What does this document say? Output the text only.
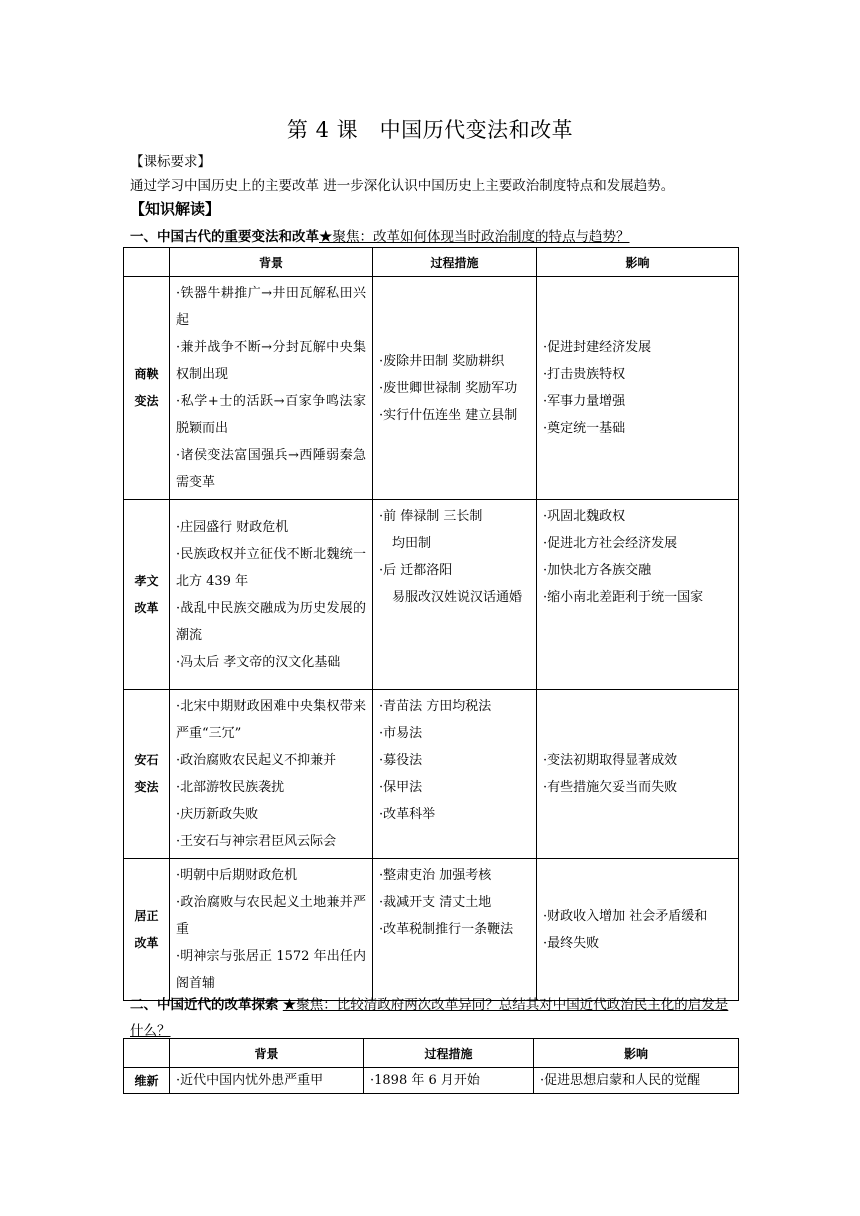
第 4 课　中国历代变法和改革
【课标要求】
通过学习中国历史上的主要改革 进一步深化认识中国历史上主要政治制度特点和发展趋势。
【知识解读】
一、中国古代的重要变法和改革★聚焦：改革如何体现当时政治制度的特点与趋势？
	背景	过程措施	影响

商鞅
变法	·铁器牛耕推广→井田瓦解私田兴起
·兼并战争不断→分封瓦解中央集权制出现
·私学+士的活跃→百家争鸣法家脱颖而出
·诸侯变法富国强兵→西陲弱秦急需变革	·废除井田制 奖励耕织
·废世卿世禄制 奖励军功
·实行什伍连坐 建立县制	·促进封建经济发展
·打击贵族特权
·军事力量增强
·奠定统一基础

孝文
改革	·庄园盛行 财政危机
·民族政权并立征伐不断北魏统一北方 439 年
·战乱中民族交融成为历史发展的潮流
·冯太后 孝文帝的汉文化基础	·前 俸禄制 三长制
　均田制
·后 迁都洛阳
　易服改汉姓说汉话通婚	·巩固北魏政权
·促进北方社会经济发展
·加快北方各族交融
·缩小南北差距利于统一国家

安石
变法	·北宋中期财政困难中央集权带来严重“三冗”
·政治腐败农民起义不抑兼并
·北部游牧民族袭扰
·庆历新政失败
·王安石与神宗君臣风云际会	·青苗法 方田均税法
·市易法
·募役法
·保甲法
·改革科举	·变法初期取得显著成效
·有些措施欠妥当而失败

居正
改革	·明朝中后期财政危机
·政治腐败与农民起义土地兼并严重
·明神宗与张居正 1572 年出任内阁首辅	·整肃吏治 加强考核
·裁减开支 清丈土地
·改革税制推行一条鞭法	·财政收入增加 社会矛盾缓和
·最终失败
二、中国近代的改革探索 ★聚焦：比较清政府两次改革异同？总结其对中国近代政治民主化的启发是什么？
	背景	过程措施	影响
维新	·近代中国内忧外患严重甲	·1898 年 6 月开始	·促进思想启蒙和人民的觉醒
